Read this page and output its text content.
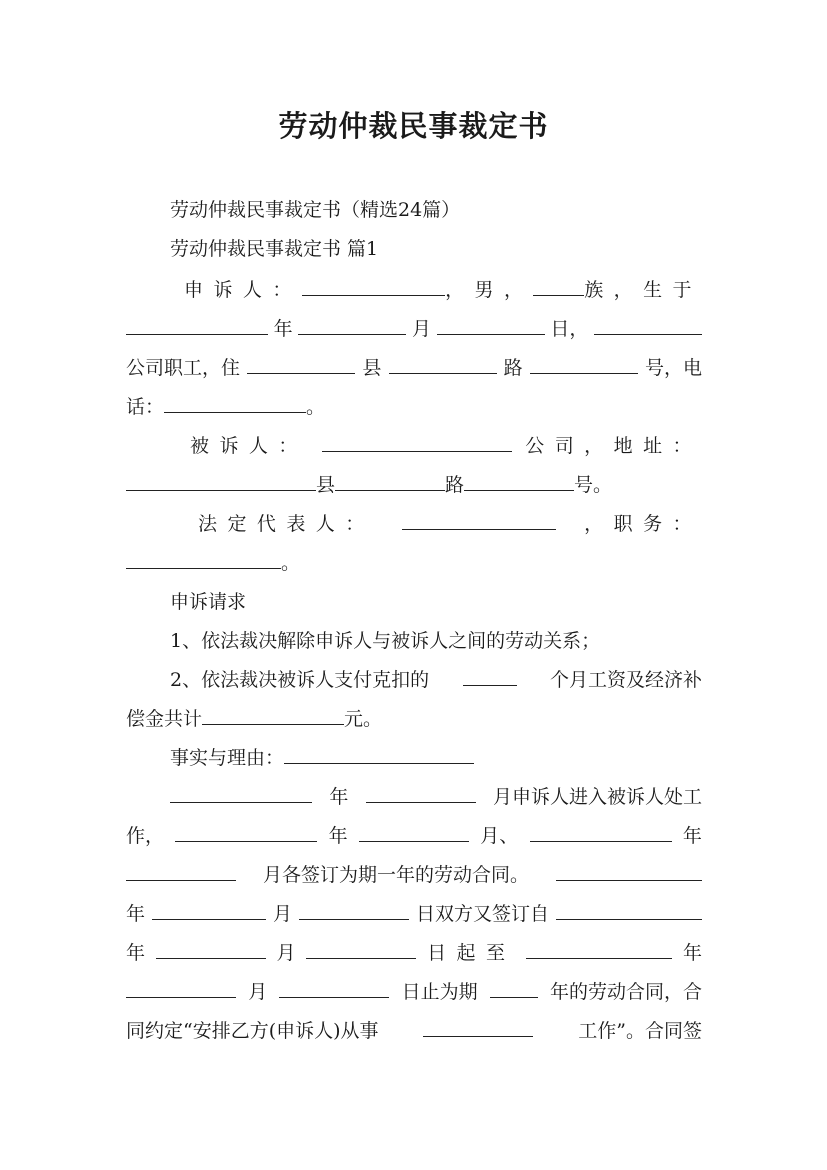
劳动仲裁民事裁定书
劳动仲裁民事裁定书（精选24篇）
劳动仲裁民事裁定书 篇1
申诉人：	，男，	族，生于
年	月	日，
公司职工，住	县	路	号，电
话：	。
被诉人：	公司，地址：
县	路	号。
法定代表人：	，职务：
。
申诉请求
1、依法裁决解除申诉人与被诉人之间的劳动关系；
2、依法裁决被诉人支付克扣的	个月工资及经济补
偿金共计	元。
事实与理由：
年	月申诉人进入被诉人处工
作，	年	月、	年
月各签订为期一年的劳动合同。
年	月	日双方又签订自
年	月	日起至	年
月	日止为期	年的劳动合同，合
同约定“安排乙方(申诉人)从事	工作”。合同签
